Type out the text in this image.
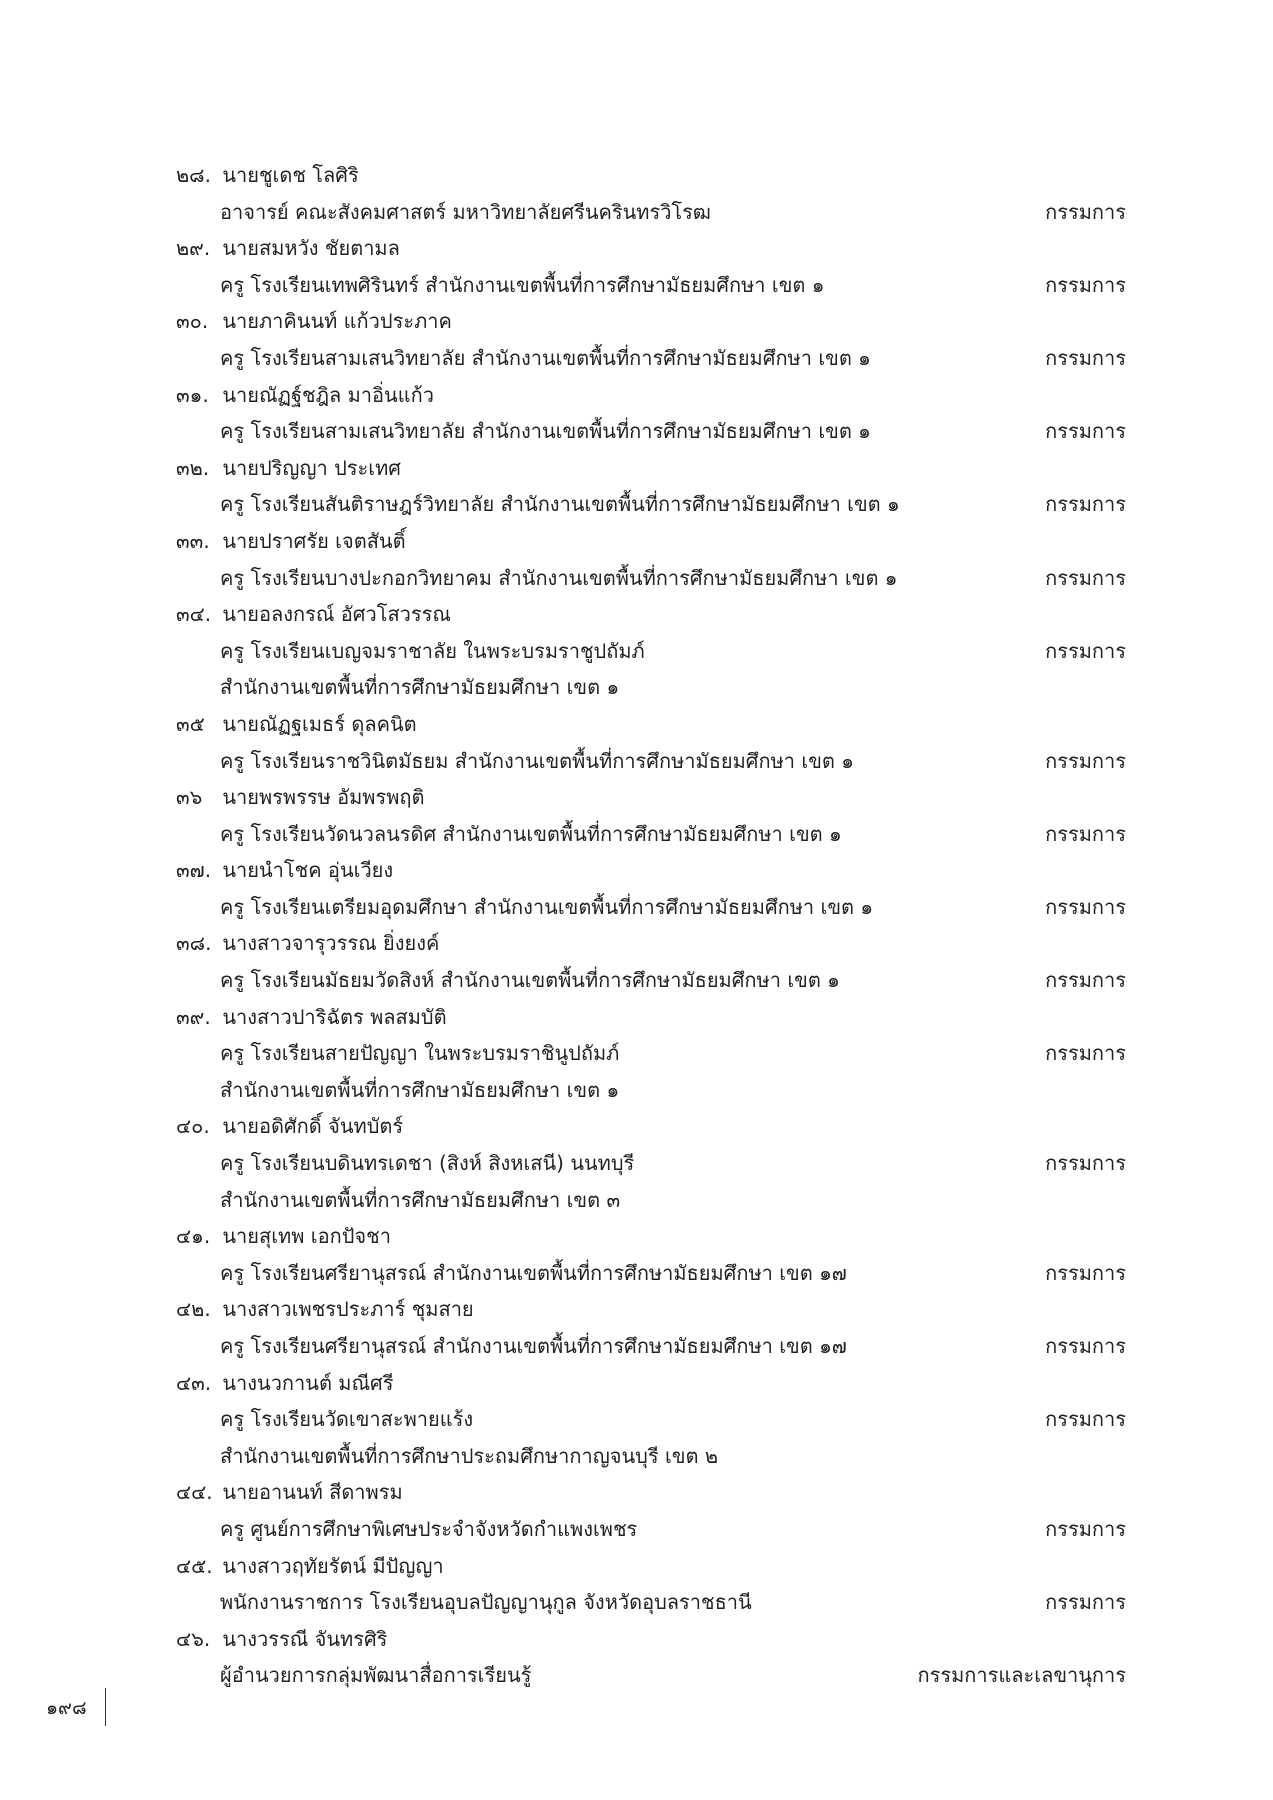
๒๘. นายชูเดช โลศิริ
อาจารย์ คณะสังคมศาสตร์ มหาวิทยาลัยศรีนครินทรวิโรฒ	กรรมการ
๒๙. นายสมหวัง ชัยตามล
ครู โรงเรียนเทพศิรินทร์ สำนักงานเขตพื้นที่การศึกษามัธยมศึกษา เขต ๑	กรรมการ
๓๐. นายภาคินนท์ แก้วประภาค
ครู โรงเรียนสามเสนวิทยาลัย สำนักงานเขตพื้นที่การศึกษามัธยมศึกษา เขต ๑	กรรมการ
๓๑. นายณัฏฐ์ชฎิล มาอิ่นแก้ว
ครู โรงเรียนสามเสนวิทยาลัย สำนักงานเขตพื้นที่การศึกษามัธยมศึกษา เขต ๑	กรรมการ
๓๒. นายปริญญา ประเทศ
ครู โรงเรียนสันติราษฎร์วิทยาลัย สำนักงานเขตพื้นที่การศึกษามัธยมศึกษา เขต ๑	กรรมการ
๓๓. นายปราศรัย เจตสันติ์
ครู โรงเรียนบางปะกอกวิทยาคม สำนักงานเขตพื้นที่การศึกษามัธยมศึกษา เขต ๑	กรรมการ
๓๔. นายอลงกรณ์ อัศวโสวรรณ
ครู โรงเรียนเบญจมราชาลัย ในพระบรมราชูปถัมภ์	กรรมการ
สำนักงานเขตพื้นที่การศึกษามัธยมศึกษา เขต ๑
๓๕ นายณัฏฐเมธร์ ดุลคนิต
ครู โรงเรียนราชวินิตมัธยม สำนักงานเขตพื้นที่การศึกษามัธยมศึกษา เขต ๑	กรรมการ
๓๖ นายพรพรรษ อัมพรพฤติ
ครู โรงเรียนวัดนวลนรดิศ สำนักงานเขตพื้นที่การศึกษามัธยมศึกษา เขต ๑	กรรมการ
๓๗. นายนำโชค อุ่นเวียง
ครู โรงเรียนเตรียมอุดมศึกษา สำนักงานเขตพื้นที่การศึกษามัธยมศึกษา เขต ๑	กรรมการ
๓๘. นางสาวจารุวรรณ ยิ่งยงค์
ครู โรงเรียนมัธยมวัดสิงห์ สำนักงานเขตพื้นที่การศึกษามัธยมศึกษา เขต ๑	กรรมการ
๓๙. นางสาวปาริฉัตร พลสมบัติ
ครู โรงเรียนสายปัญญา ในพระบรมราชินูปถัมภ์	กรรมการ
สำนักงานเขตพื้นที่การศึกษามัธยมศึกษา เขต ๑
๔๐. นายอดิศักดิ์ จันทบัตร์
ครู โรงเรียนบดินทรเดชา (สิงห์ สิงหเสนี) นนทบุรี	กรรมการ
สำนักงานเขตพื้นที่การศึกษามัธยมศึกษา เขต ๓
๔๑. นายสุเทพ เอกปัจชา
ครู โรงเรียนศรียานุสรณ์ สำนักงานเขตพื้นที่การศึกษามัธยมศึกษา เขต ๑๗	กรรมการ
๔๒. นางสาวเพชรประภาร์ ชุมสาย
ครู โรงเรียนศรียานุสรณ์ สำนักงานเขตพื้นที่การศึกษามัธยมศึกษา เขต ๑๗	กรรมการ
๔๓. นางนวกานต์ มณีศรี
ครู โรงเรียนวัดเขาสะพายแร้ง	กรรมการ
สำนักงานเขตพื้นที่การศึกษาประถมศึกษากาญจนบุรี เขต ๒
๔๔. นายอานนท์ สีดาพรม
ครู ศูนย์การศึกษาพิเศษประจำจังหวัดกำแพงเพชร	กรรมการ
๔๕. นางสาวฤทัยรัตน์ มีปัญญา
พนักงานราชการ โรงเรียนอุบลปัญญานุกูล จังหวัดอุบลราชธานี	กรรมการ
๔๖. นางวรรณี จันทรศิริ
ผู้อำนวยการกลุ่มพัฒนาสื่อการเรียนรู้	กรรมการและเลขานุการ
๑๙๘
